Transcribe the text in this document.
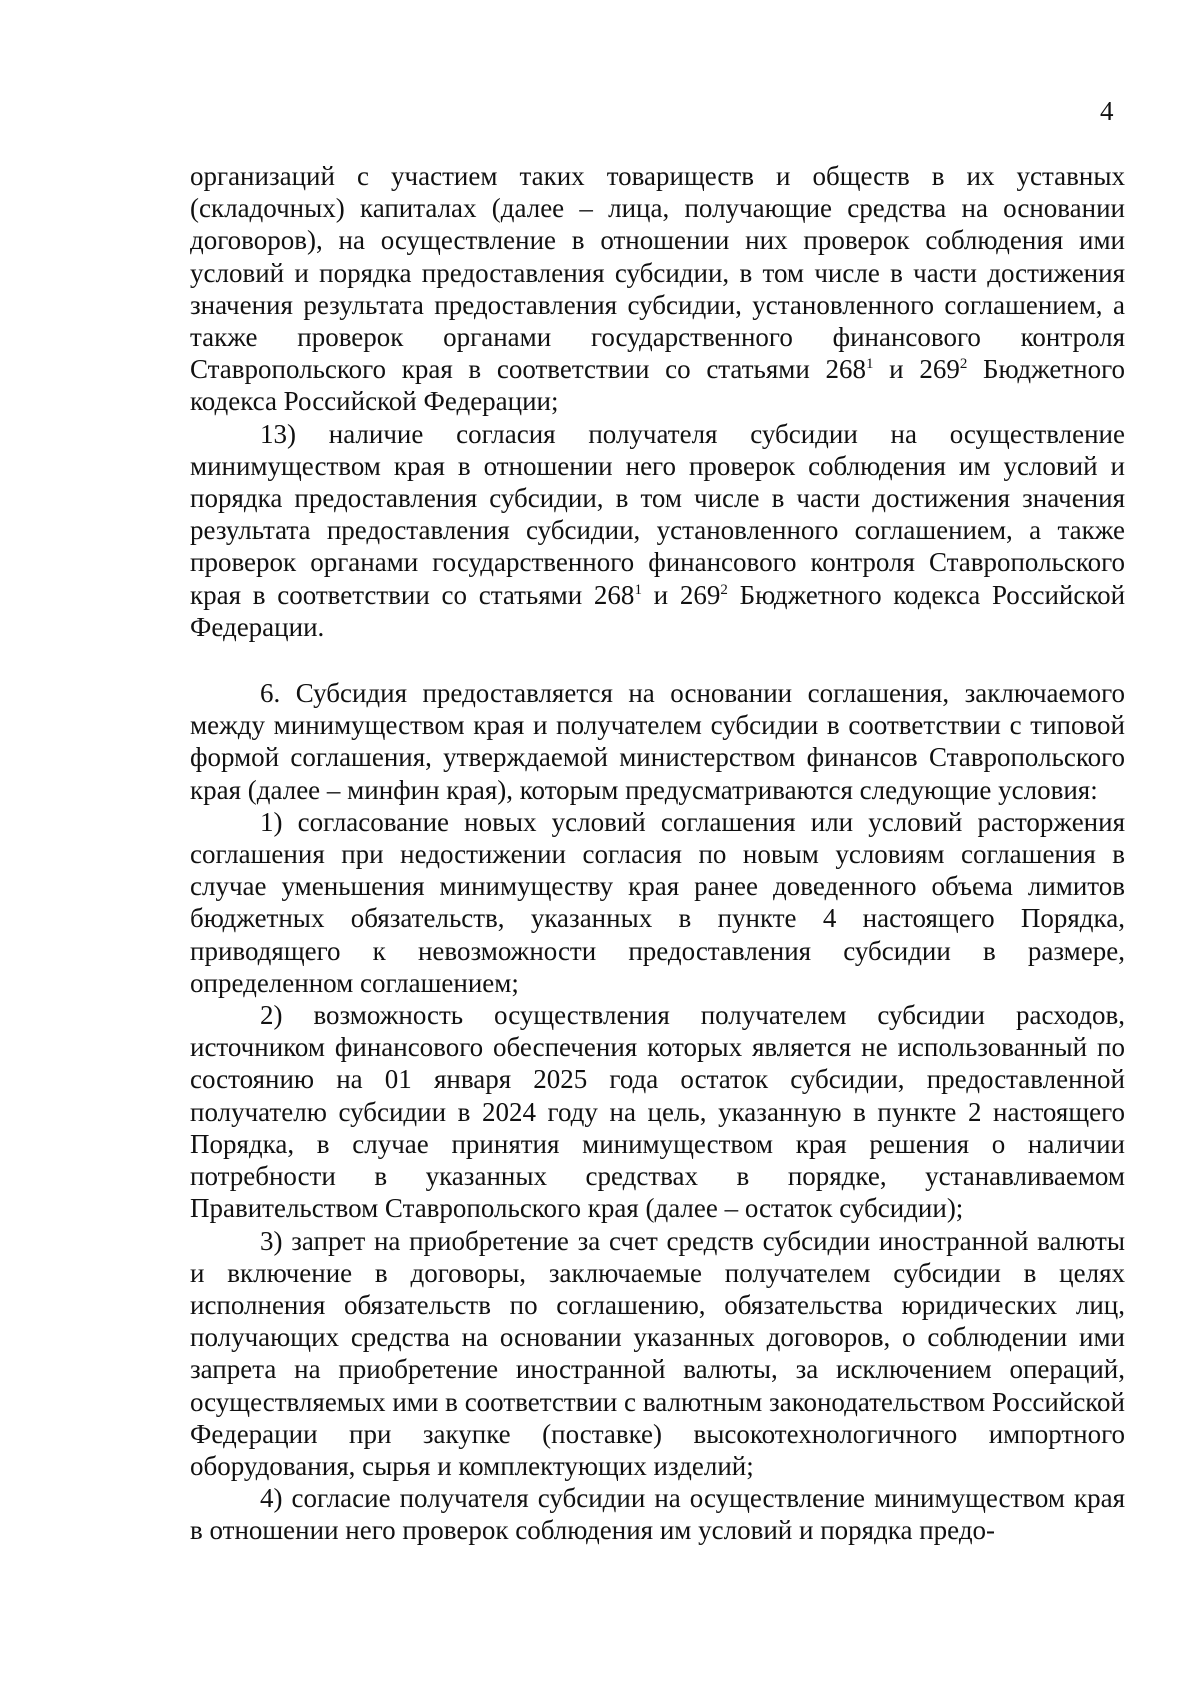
4

организаций с участием таких товариществ и обществ в их уставных (складочных) капиталах (далее – лица, получающие средства на основании договоров), на осуществление в отношении них проверок соблюдения ими условий и порядка предоставления субсидии, в том числе в части достижения значения результата предоставления субсидии, установленного соглашением, а также проверок органами государственного финансового контроля Ставропольского края в соответствии со статьями $268^1$ и $269^2$ Бюджетного кодекса Российской Федерации;

13) наличие согласия получателя субсидии на осуществление минимуществом края в отношении него проверок соблюдения им условий и порядка предоставления субсидии, в том числе в части достижения значения результата предоставления субсидии, установленного соглашением, а также проверок органами государственного финансового контроля Ставропольского края в соответствии со статьями $268^1$ и $269^2$ Бюджетного кодекса Российской Федерации.

6. Субсидия предоставляется на основании соглашения, заключаемого между минимуществом края и получателем субсидии в соответствии с типовой формой соглашения, утверждаемой министерством финансов Ставропольского края (далее – минфин края), которым предусматриваются следующие условия:

1) согласование новых условий соглашения или условий расторжения соглашения при недостижении согласия по новым условиям соглашения в случае уменьшения минимуществу края ранее доведенного объема лимитов бюджетных обязательств, указанных в пункте 4 настоящего Порядка, приводящего к невозможности предоставления субсидии в размере, определенном соглашением;

2) возможность осуществления получателем субсидии расходов, источником финансового обеспечения которых является не использованный по состоянию на 01 января 2025 года остаток субсидии, предоставленной получателю субсидии в 2024 году на цель, указанную в пункте 2 настоящего Порядка, в случае принятия минимуществом края решения о наличии потребности в указанных средствах в порядке, устанавливаемом Правительством Ставропольского края (далее – остаток субсидии);

3) запрет на приобретение за счет средств субсидии иностранной валюты и включение в договоры, заключаемые получателем субсидии в целях исполнения обязательств по соглашению, обязательства юридических лиц, получающих средства на основании указанных договоров, о соблюдении ими запрета на приобретение иностранной валюты, за исключением операций, осуществляемых ими в соответствии с валютным законодательством Российской Федерации при закупке (поставке) высокотехнологичного импортного оборудования, сырья и комплектующих изделий;

4) согласие получателя субсидии на осуществление минимуществом края в отношении него проверок соблюдения им условий и порядка предо-
